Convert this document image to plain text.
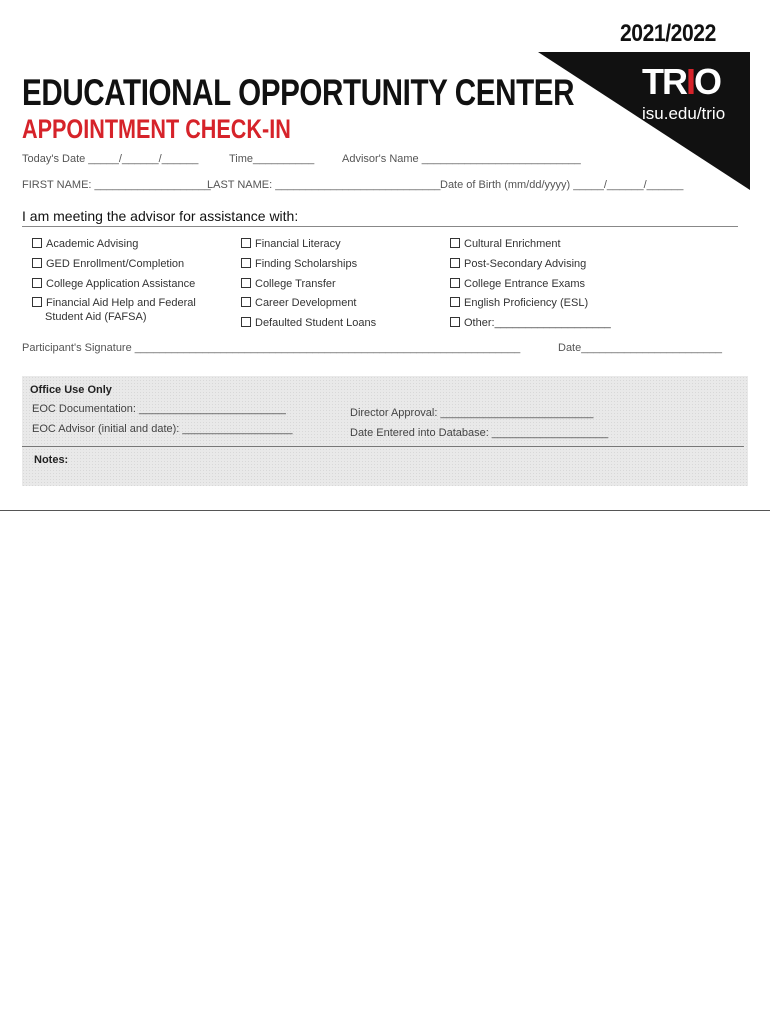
2021/2022
TRIO
isu.edu/trio
EDUCATIONAL OPPORTUNITY CENTER
APPOINTMENT CHECK-IN
Today's Date _____/______/______	Time__________	Advisor's Name __________________________
FIRST NAME: ___________________
LAST NAME: ___________________________ Date of Birth (mm/dd/yyyy) _____/______/______
I am meeting the advisor for assistance with:
Academic Advising
GED Enrollment/Completion
College Application Assistance
Financial Aid Help and Federal
Student Aid (FAFSA)
Financial Literacy
Finding Scholarships
College Transfer
Career Development
Defaulted Student Loans
Cultural Enrichment
Post-Secondary Advising
College Entrance Exams
English Proficiency (ESL)
Other:___________________
Participant's Signature _______________________________________________________________	Date_______________________
Office Use Only
EOC Documentation: ________________________
EOC Advisor (initial and date): __________________
Director Approval: _________________________
Date Entered into Database: ___________________
Notes:
